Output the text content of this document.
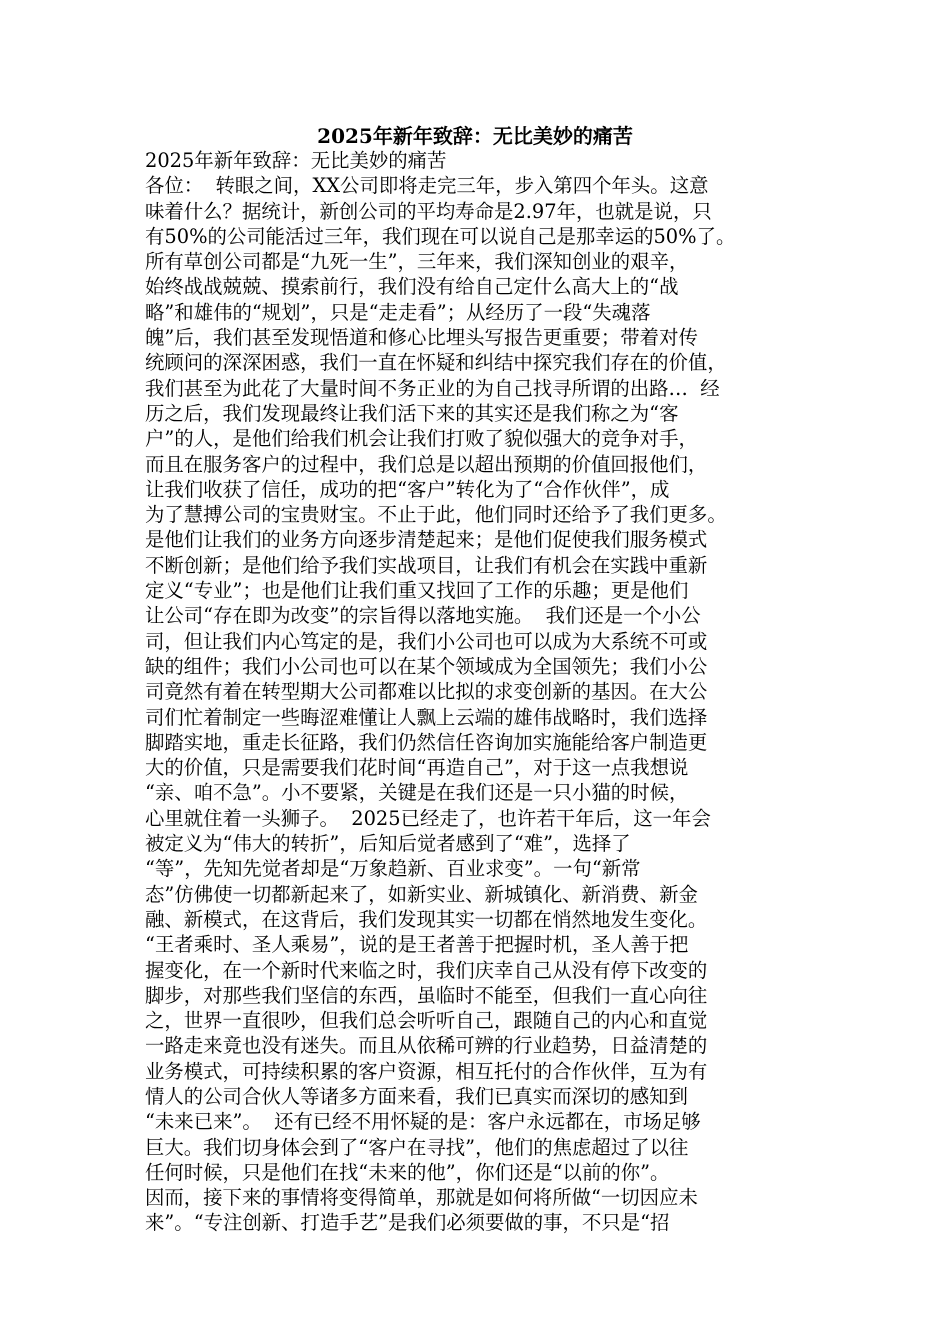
2025年新年致辞：无比美妙的痛苦
2025年新年致辞：无比美妙的痛苦
各位：  转眼之间，XX公司即将走完三年，步入第四个年头。这意
味着什么？据统计，新创公司的平均寿命是2.97年，也就是说，只
有50%的公司能活过三年，我们现在可以说自己是那幸运的50%了。
所有草创公司都是“九死一生”，三年来，我们深知创业的艰辛，
始终战战兢兢、摸索前行，我们没有给自己定什么高大上的“战
略”和雄伟的“规划”，只是“走走看”；从经历了一段“失魂落
魄”后，我们甚至发现悟道和修心比埋头写报告更重要；带着对传
统顾问的深深困惑，我们一直在怀疑和纠结中探究我们存在的价值，
我们甚至为此花了大量时间不务正业的为自己找寻所谓的出路…  经
历之后，我们发现最终让我们活下来的其实还是我们称之为“客
户”的人，是他们给我们机会让我们打败了貌似强大的竞争对手，
而且在服务客户的过程中，我们总是以超出预期的价值回报他们，
让我们收获了信任，成功的把“客户”转化为了“合作伙伴”，成
为了慧搏公司的宝贵财宝。不止于此，他们同时还给予了我们更多。
是他们让我们的业务方向逐步清楚起来；是他们促使我们服务模式
不断创新；是他们给予我们实战项目，让我们有机会在实践中重新
定义“专业”；也是他们让我们重又找回了工作的乐趣；更是他们
让公司“存在即为改变”的宗旨得以落地实施。  我们还是一个小公
司，但让我们内心笃定的是，我们小公司也可以成为大系统不可或
缺的组件；我们小公司也可以在某个领域成为全国领先；我们小公
司竟然有着在转型期大公司都难以比拟的求变创新的基因。在大公
司们忙着制定一些晦涩难懂让人飘上云端的雄伟战略时，我们选择
脚踏实地，重走长征路，我们仍然信任咨询加实施能给客户制造更
大的价值，只是需要我们花时间“再造自己”，对于这一点我想说
“亲、咱不急”。小不要紧，关键是在我们还是一只小猫的时候，
心里就住着一头狮子。  2025已经走了，也许若干年后，这一年会
被定义为“伟大的转折”，后知后觉者感到了“难”，选择了
“等”，先知先觉者却是“万象趋新、百业求变”。一句“新常
态”仿佛使一切都新起来了，如新实业、新城镇化、新消费、新金
融、新模式，在这背后，我们发现其实一切都在悄然地发生变化。
“王者乘时、圣人乘易”，说的是王者善于把握时机，圣人善于把
握变化，在一个新时代来临之时，我们庆幸自己从没有停下改变的
脚步，对那些我们坚信的东西，虽临时不能至，但我们一直心向往
之，世界一直很吵，但我们总会听听自己，跟随自己的内心和直觉
一路走来竟也没有迷失。而且从依稀可辨的行业趋势，日益清楚的
业务模式，可持续积累的客户资源，相互托付的合作伙伴，互为有
情人的公司合伙人等诸多方面来看，我们已真实而深切的感知到
“未来已来”。  还有已经不用怀疑的是：客户永远都在，市场足够
巨大。我们切身体会到了“客户在寻找”，他们的焦虑超过了以往
任何时候，只是他们在找“未来的他”，你们还是“以前的你”。
因而，接下来的事情将变得简单，那就是如何将所做“一切因应未
来”。“专注创新、打造手艺”是我们必须要做的事，不只是“招
